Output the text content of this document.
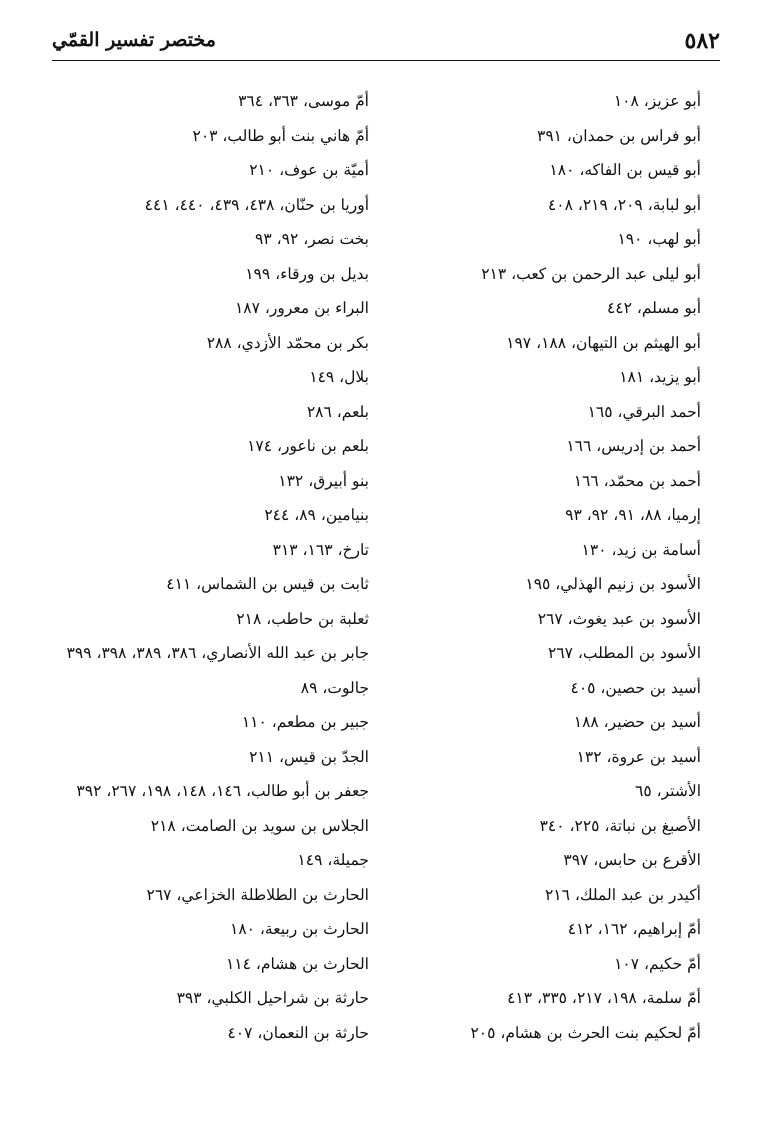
٥٨٢
مختصر تفسير القمّي
أبو عزيز، ١٠٨
أبو فراس بن حمدان، ٣٩١
أبو قيس بن الفاكه، ١٨٠
أبو لبابة، ٢٠٩، ٢١٩، ٤٠٨
أبو لهب، ١٩٠
أبو ليلى عبد الرحمن بن كعب، ٢١٣
أبو مسلم، ٤٤٢
أبو الهيثم بن التيهان، ١٨٨، ١٩٧
أبو يزيد، ١٨١
أحمد البرقي، ١٦٥
أحمد بن إدريس، ١٦٦
أحمد بن محمّد، ١٦٦
إرميا، ٨٨، ٩١، ٩٢، ٩٣
أسامة بن زيد، ١٣٠
الأسود بن زنيم الهذلي، ١٩٥
الأسود بن عبد يغوث، ٢٦٧
الأسود بن المطلب، ٢٦٧
أسيد بن حصين، ٤٠٥
أسيد بن حضير، ١٨٨
أسيد بن عروة، ١٣٢
الأشتر، ٦٥
الأصبغ بن نباتة، ٢٢٥، ٣٤٠
الأقرع بن حابس، ٣٩٧
أكيدر بن عبد الملك، ٢١٦
أمّ إبراهيم، ١٦٢، ٤١٢
أمّ حكيم، ١٠٧
أمّ سلمة، ١٩٨، ٢١٧، ٣٣٥، ٤١٣
أمّ لحكيم بنت الحرث بن هشام، ٢٠٥
أمّ موسى، ٣٦٣، ٣٦٤
أمّ هاني بنت أبو طالب، ٢٠٣
أميّة بن عوف، ٢١٠
أوريا بن حنّان، ٤٣٨، ٤٣٩، ٤٤٠، ٤٤١
بخت نصر، ٩٢، ٩٣
بديل بن ورقاء، ١٩٩
البراء بن معرور، ١٨٧
بكر بن محمّد الأزدي، ٢٨٨
بلال، ١٤٩
بلعم، ٢٨٦
بلعم بن ناعور، ١٧٤
بنو أبيرق، ١٣٢
بنيامين، ٨٩، ٢٤٤
تارخ، ١٦٣، ٣١٣
ثابت بن قيس بن الشماس، ٤١١
ثعلبة بن حاطب، ٢١٨
جابر بن عبد الله الأنصاري، ٣٨٦، ٣٨٩، ٣٩٨، ٣٩٩
جالوت، ٨٩
جبير بن مطعم، ١١٠
الجدّ بن قيس، ٢١١
جعفر بن أبو طالب، ١٤٦، ١٤٨، ١٩٨، ٢٦٧، ٣٩٢
الجلاس بن سويد بن الصامت، ٢١٨
جميلة، ١٤٩
الحارث بن الطلاطلة الخزاعي، ٢٦٧
الحارث بن ربيعة، ١٨٠
الحارث بن هشام، ١١٤
حارثة بن شراحيل الكلبي، ٣٩٣
حارثة بن النعمان، ٤٠٧
